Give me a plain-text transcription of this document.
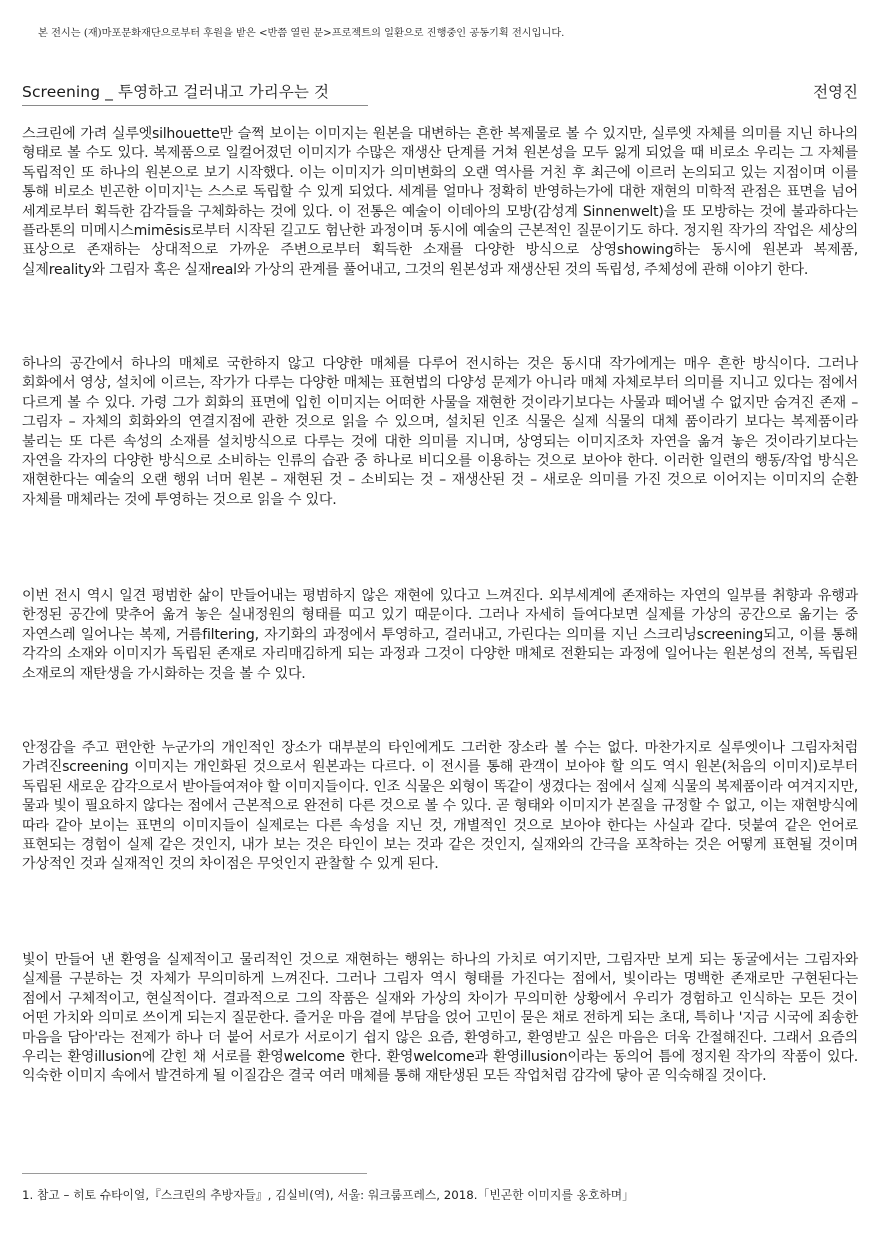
본 전시는 (재)마포문화재단으로부터 후원을 받은 <반쯤 열린 문>프로젝트의 일환으로 진행중인 공동기획 전시입니다.
Screening _ 투영하고 걸러내고 가리우는 것	전영진
스크린에 가려 실루엣silhouette만 슬쩍 보이는 이미지는 원본을 대변하는 흔한 복제물로 볼 수 있지만, 실루엣 자체를 의미를 지닌 하나의 형태로 볼 수도 있다. 복제품으로 일컬어졌던 이미지가 수많은 재생산 단계를 거쳐 원본성을 모두 잃게 되었을 때 비로소 우리는 그 자체를 독립적인 또 하나의 원본으로 보기 시작했다. 이는 이미지가 의미변화의 오랜 역사를 거친 후 최근에 이르러 논의되고 있는 지점이며 이를 통해 비로소 빈곤한 이미지$^1$는 스스로 독립할 수 있게 되었다. 세계를 얼마나 정확히 반영하는가에 대한 재현의 미학적 관점은 표면을 넘어 세계로부터 획득한 감각들을 구체화하는 것에 있다. 이 전통은 예술이 이데아의 모방(감성계 Sinnenwelt)을 또 모방하는 것에 불과하다는 플라톤의 미메시스mimēsis로부터 시작된 길고도 험난한 과정이며 동시에 예술의 근본적인 질문이기도 하다. 정지원 작가의 작업은 세상의 표상으로 존재하는 상대적으로 가까운 주변으로부터 획득한 소재를 다양한 방식으로 상영showing하는 동시에 원본과 복제품, 실제reality와 그림자 혹은 실재real와 가상의 관계를 풀어내고, 그것의 원본성과 재생산된 것의 독립성, 주체성에 관해 이야기 한다.
하나의 공간에서 하나의 매체로 국한하지 않고 다양한 매체를 다루어 전시하는 것은 동시대 작가에게는 매우 흔한 방식이다. 그러나 회화에서 영상, 설치에 이르는, 작가가 다루는 다양한 매체는 표현법의 다양성 문제가 아니라 매체 자체로부터 의미를 지니고 있다는 점에서 다르게 볼 수 있다. 가령 그가 회화의 표면에 입힌 이미지는 어떠한 사물을 재현한 것이라기보다는 사물과 떼어낼 수 없지만 숨겨진 존재 – 그림자 – 자체의 회화와의 연결지점에 관한 것으로 읽을 수 있으며, 설치된 인조 식물은 실제 식물의 대체 품이라기 보다는 복제품이라 불리는 또 다른 속성의 소재를 설치방식으로 다루는 것에 대한 의미를 지니며, 상영되는 이미지조차 자연을 옮겨 놓은 것이라기보다는 자연을 각자의 다양한 방식으로 소비하는 인류의 습관 중 하나로 비디오를 이용하는 것으로 보아야 한다. 이러한 일련의 행동/작업 방식은 재현한다는 예술의 오랜 행위 너머 원본 – 재현된 것 – 소비되는 것 – 재생산된 것 – 새로운 의미를 가진 것으로 이어지는 이미지의 순환 자체를 매체라는 것에 투영하는 것으로 읽을 수 있다.
이번 전시 역시 일견 평범한 삶이 만들어내는 평범하지 않은 재현에 있다고 느껴진다. 외부세계에 존재하는 자연의 일부를 취향과 유행과 한정된 공간에 맞추어 옮겨 놓은 실내정원의 형태를 띠고 있기 때문이다. 그러나 자세히 들여다보면 실제를 가상의 공간으로 옮기는 중 자연스레 일어나는 복제, 거름filtering, 자기화의 과정에서 투영하고, 걸러내고, 가린다는 의미를 지닌 스크리닝screening되고, 이를 통해 각각의 소재와 이미지가 독립된 존재로 자리매김하게 되는 과정과 그것이 다양한 매체로 전환되는 과정에 일어나는 원본성의 전복, 독립된 소재로의 재탄생을 가시화하는 것을 볼 수 있다.
안정감을 주고 편안한 누군가의 개인적인 장소가 대부분의 타인에게도 그러한 장소라 볼 수는 없다. 마찬가지로 실루엣이나 그림자처럼 가려진screening 이미지는 개인화된 것으로서 원본과는 다르다. 이 전시를 통해 관객이 보아야 할 의도 역시 원본(처음의 이미지)로부터 독립된 새로운 감각으로서 받아들여져야 할 이미지들이다. 인조 식물은 외형이 똑같이 생겼다는 점에서 실제 식물의 복제품이라 여겨지지만, 물과 빛이 필요하지 않다는 점에서 근본적으로 완전히 다른 것으로 볼 수 있다. 곧 형태와 이미지가 본질을 규정할 수 없고, 이는 재현방식에 따라 같아 보이는 표면의 이미지들이 실제로는 다른 속성을 지닌 것, 개별적인 것으로 보아야 한다는 사실과 같다. 덧붙여 같은 언어로 표현되는 경험이 실제 같은 것인지, 내가 보는 것은 타인이 보는 것과 같은 것인지, 실재와의 간극을 포착하는 것은 어떻게 표현될 것이며 가상적인 것과 실재적인 것의 차이점은 무엇인지 관찰할 수 있게 된다.
빛이 만들어 낸 환영을 실제적이고 물리적인 것으로 재현하는 행위는 하나의 가치로 여기지만, 그림자만 보게 되는 동굴에서는 그림자와 실제를 구분하는 것 자체가 무의미하게 느껴진다. 그러나 그림자 역시 형태를 가진다는 점에서, 빛이라는 명백한 존재로만 구현된다는 점에서 구체적이고, 현실적이다. 결과적으로 그의 작품은 실재와 가상의 차이가 무의미한 상황에서 우리가 경험하고 인식하는 모든 것이 어떤 가치와 의미로 쓰이게 되는지 질문한다. 즐거운 마음 곁에 부담을 얹어 고민이 묻은 채로 전하게 되는 초대, 특히나 '지금 시국에 죄송한 마음을 담아'라는 전제가 하나 더 붙어 서로가 서로이기 쉽지 않은 요즘, 환영하고, 환영받고 싶은 마음은 더욱 간절해진다. 그래서 요즘의 우리는 환영illusion에 갇힌 채 서로를 환영welcome 한다. 환영welcome과 환영illusion이라는 동의어 틈에 정지원 작가의 작품이 있다. 익숙한 이미지 속에서 발견하게 될 이질감은 결국 여러 매체를 통해 재탄생된 모든 작업처럼 감각에 닿아 곧 익숙해질 것이다.
1. 참고 – 히토 슈타이얼,『스크린의 추방자들』, 김실비(역), 서울: 워크룸프레스, 2018.「빈곤한 이미지를 옹호하며」
